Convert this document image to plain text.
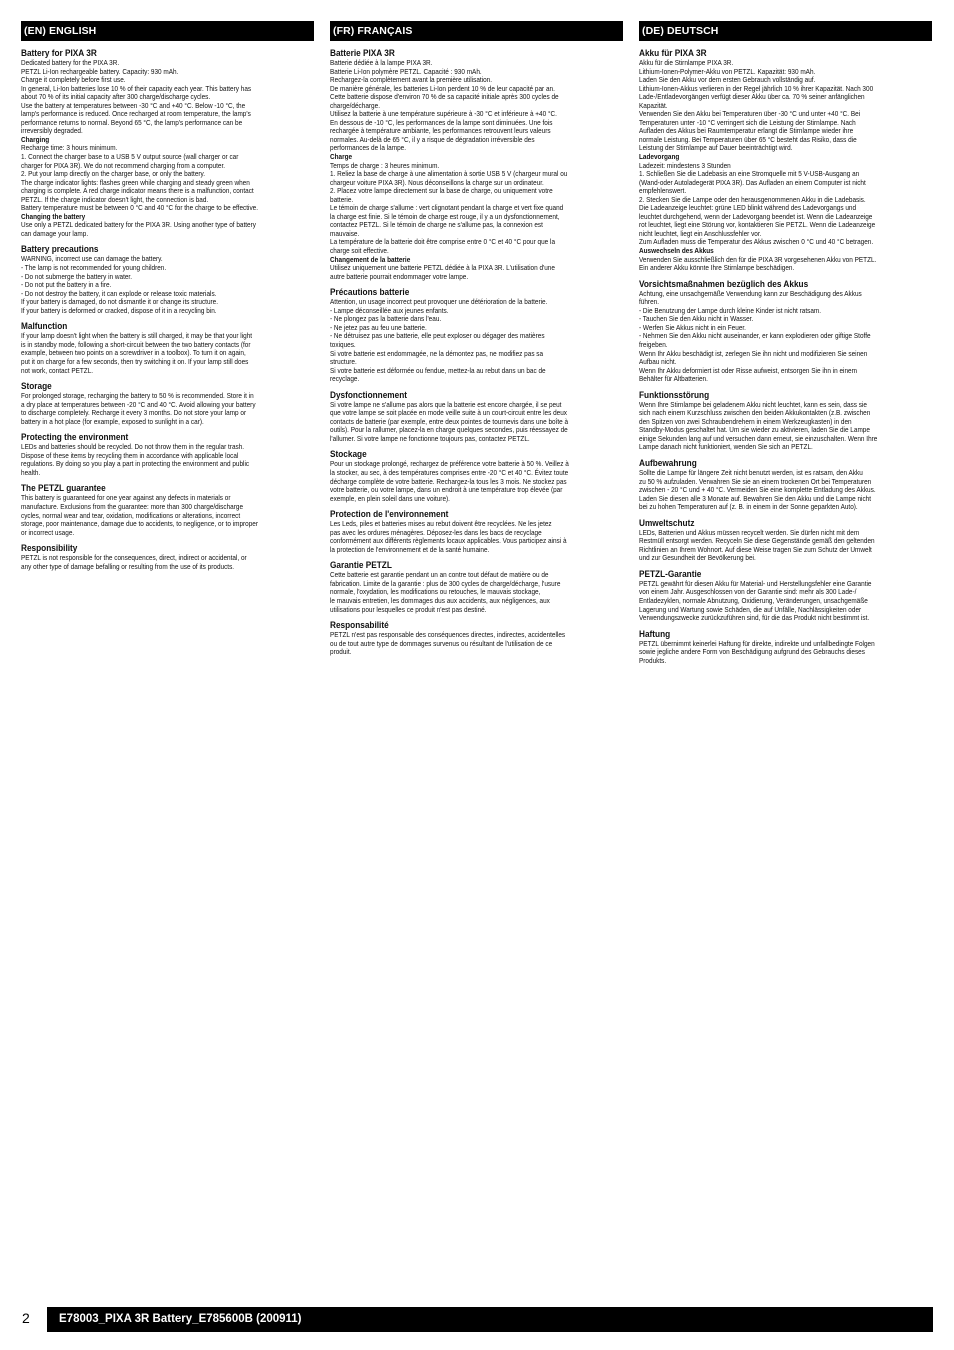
(EN) ENGLISH
Battery for PIXA 3R

Dedicated battery for the PIXA 3R.

PETZL Li-Ion rechargeable battery. Capacity: 930 mAh.

Charge it completely before first use.

In general, Li-Ion batteries lose 10 % of their capacity each year. This battery has

about 70 % of its initial capacity after 300 charge/discharge cycles.

Use the battery at temperatures between -30 °C and +40 °C. Below -10 °C, the

lamp's performance is reduced. Once recharged at room temperature, the lamp's

performance returns to normal. Beyond 65 °C, the lamp's performance can be

irreversibly degraded.

Charging

Recharge time: 3 hours minimum.

1. Connect the charger base to a USB 5 V output source (wall charger or car

charger for PIXA 3R). We do not recommend charging from a computer.

2. Put your lamp directly on the charger base, or only the battery.

The charge indicator lights: flashes green while charging and steady green when

charging is complete. A red charge indicator means there is a malfunction, contact

PETZL. If the charge indicator doesn't light, the connection is bad.

Battery temperature must be between 0 °C and 40 °C for the charge to be effective.

Changing the battery

Use only a PETZL dedicated battery for the PIXA 3R. Using another type of battery

can damage your lamp.

Battery precautions

WARNING, incorrect use can damage the battery.

- The lamp is not recommended for young children.

- Do not submerge the battery in water.

- Do not put the battery in a fire.

- Do not destroy the battery, it can explode or release toxic materials.

If your battery is damaged, do not dismantle it or change its structure.

If your battery is deformed or cracked, dispose of it in a recycling bin.

Malfunction

If your lamp doesn't light when the battery is still charged, it may be that your light

is in standby mode, following a short-circuit between the two battery contacts (for

example, between two points on a screwdriver in a toolbox). To turn it on again,

put it on charge for a few seconds, then try switching it on. If your lamp still does

not work, contact PETZL.

Storage

For prolonged storage, recharging the battery to 50 % is recommended. Store it in

a dry place at temperatures between -20 °C and 40 °C. Avoid allowing your battery

to discharge completely. Recharge it every 3 months. Do not store your lamp or

battery in a hot place (for example, exposed to sunlight in a car).

Protecting the environment

LEDs and batteries should be recycled. Do not throw them in the regular trash.

Dispose of these items by recycling them in accordance with applicable local

regulations. By doing so you play a part in protecting the environment and public

health.

The PETZL guarantee

This battery is guaranteed for one year against any defects in materials or

manufacture. Exclusions from the guarantee: more than 300 charge/discharge

cycles, normal wear and tear, oxidation, modifications or alterations, incorrect

storage, poor maintenance, damage due to accidents, to negligence, or to improper

or incorrect usage.

Responsibility

PETZL is not responsible for the consequences, direct, indirect or accidental, or

any other type of damage befalling or resulting from the use of its products.

(FR) FRANÇAIS
Batterie PIXA 3R

Batterie dédiée à la lampe PIXA 3R.

Batterie Li-Ion polymère PETZL. Capacité : 930 mAh.

Rechargez-la complètement avant la première utilisation.

De manière générale, les batteries Li-Ion perdent 10 % de leur capacité par an.

Cette batterie dispose d'environ 70 % de sa capacité initiale après 300 cycles de

charge/décharge.

Utilisez la batterie à une température supérieure à -30 °C et inférieure à +40 °C.

En dessous de -10 °C, les performances de la lampe sont diminuées. Une fois

rechargée à température ambiante, les performances retrouvent leurs valeurs

normales. Au-delà de 65 °C, il y a risque de dégradation irréversible des

performances de la lampe.

Charge

Temps de charge : 3 heures minimum.

1. Reliez la base de charge à une alimentation à sortie USB 5 V (chargeur mural ou

chargeur voiture PIXA 3R). Nous déconseillons la charge sur un ordinateur.

2. Placez votre lampe directement sur la base de charge, ou uniquement votre

batterie.

Le témoin de charge s'allume : vert clignotant pendant la charge et vert fixe quand

la charge est finie. Si le témoin de charge est rouge, il y a un dysfonctionnement,

contactez PETZL. Si le témoin de charge ne s'allume pas, la connexion est

mauvaise.

La température de la batterie doit être comprise entre 0 °C et 40 °C pour que la

charge soit effective.

Changement de la batterie

Utilisez uniquement une batterie PETZL dédiée à la PIXA 3R. L'utilisation d'une

autre batterie pourrait endommager votre lampe.

Précautions batterie

Attention, un usage incorrect peut provoquer une détérioration de la batterie.

- Lampe déconseillée aux jeunes enfants.

- Ne plongez pas la batterie dans l'eau.

- Ne jetez pas au feu une batterie.

- Ne détruisez pas une batterie, elle peut exploser ou dégager des matières

toxiques.

Si votre batterie est endommagée, ne la démontez pas, ne modifiez pas sa

structure.

Si votre batterie est déformée ou fendue, mettez-la au rebut dans un bac de

recyclage.

Dysfonctionnement

Si votre lampe ne s'allume pas alors que la batterie est encore chargée, il se peut

que votre lampe se soit placée en mode veille suite à un court-circuit entre les deux

contacts de batterie (par exemple, entre deux pointes de tournevis dans une boîte à

outils). Pour la rallumer, placez-la en charge quelques secondes, puis réessayez de

l'allumer. Si votre lampe ne fonctionne toujours pas, contactez PETZL.

Stockage

Pour un stockage prolongé, rechargez de préférence votre batterie à 50 %. Veillez à

la stocker, au sec, à des températures comprises entre -20 °C et 40 °C. Évitez toute

décharge complète de votre batterie. Rechargez-la tous les 3 mois. Ne stockez pas

votre batterie, ou votre lampe, dans un endroit à une température trop élevée (par

exemple, en plein soleil dans une voiture).

Protection de l'environnement

Les Leds, piles et batteries mises au rebut doivent être recyclées. Ne les jetez

pas avec les ordures ménagères. Déposez-les dans les bacs de recyclage

conformément aux différents règlements locaux applicables. Vous participez ainsi à

la protection de l'environnement et de la santé humaine.

Garantie PETZL

Cette batterie est garantie pendant un an contre tout défaut de matière ou de

fabrication. Limite de la garantie : plus de 300 cycles de charge/décharge, l'usure

normale, l'oxydation, les modifications ou retouches, le mauvais stockage,

le mauvais entretien, les dommages dus aux accidents, aux négligences, aux

utilisations pour lesquelles ce produit n'est pas destiné.

Responsabilité

PETZL n'est pas responsable des conséquences directes, indirectes, accidentelles

ou de tout autre type de dommages survenus ou résultant de l'utilisation de ce

produit.

(DE) DEUTSCH
Akku für PIXA 3R

Akku für die Stirnlampe PIXA 3R.

Lithium-Ionen-Polymer-Akku von PETZL. Kapazität: 930 mAh.

Laden Sie den Akku vor dem ersten Gebrauch vollständig auf.

Lithium-Ionen-Akkus verlieren in der Regel jährlich 10 % ihrer Kapazität. Nach 300

Lade-/Entladevorgängen verfügt dieser Akku über ca. 70 % seiner anfänglichen

Kapazität.

Verwenden Sie den Akku bei Temperaturen über -30 °C und unter +40 °C. Bei

Temperaturen unter -10 °C verringert sich die Leistung der Stirnlampe. Nach

Aufladen des Akkus bei Raumtemperatur erlangt die Stirnlampe wieder ihre

normale Leistung. Bei Temperaturen über 65 °C besteht das Risiko, dass die

Leistung der Stirnlampe auf Dauer beeinträchtigt wird.

Ladevorgang

Ladezeit: mindestens 3 Stunden

1. Schließen Sie die Ladebasis an eine Stromquelle mit 5 V-USB-Ausgang an

(Wand-oder Autoladegerät PIXA 3R). Das Aufladen an einem Computer ist nicht

empfehlenswert.

2. Stecken Sie die Lampe oder den herausgenommenen Akku in die Ladebasis.

Die Ladeanzeige leuchtet: grüne LED blinkt während des Ladevorgangs und

leuchtet durchgehend, wenn der Ladevorgang beendet ist. Wenn die Ladeanzeige

rot leuchtet, liegt eine Störung vor, kontaktieren Sie PETZL. Wenn die Ladeanzeige

nicht leuchtet, liegt ein Anschlussfehler vor.

Zum Aufladen muss die Temperatur des Akkus zwischen 0 °C und 40 °C betragen.

Auswechseln des Akkus

Verwenden Sie ausschließlich den für die PIXA 3R vorgesehenen Akku von PETZL.

Ein anderer Akku könnte Ihre Stirnlampe beschädigen.

Vorsichtsmaßnahmen bezüglich des Akkus

Achtung, eine unsachgemäße Verwendung kann zur Beschädigung des Akkus

führen.

- Die Benutzung der Lampe durch kleine Kinder ist nicht ratsam.

- Tauchen Sie den Akku nicht in Wasser.

- Werfen Sie Akkus nicht in ein Feuer.

- Nehmen Sie den Akku nicht auseinander, er kann explodieren oder giftige Stoffe

freigeben.

Wenn Ihr Akku beschädigt ist, zerlegen Sie ihn nicht und modifizieren Sie seinen

Aufbau nicht.

Wenn Ihr Akku deformiert ist oder Risse aufweist, entsorgen Sie ihn in einem

Behälter für Altbatterien.

Funktionsstörung

Wenn Ihre Stirnlampe bei geladenem Akku nicht leuchtet, kann es sein, dass sie

sich nach einem Kurzschluss zwischen den beiden Akkukontakten (z.B. zwischen

den Spitzen von zwei Schraubendrehern in einem Werkzeugkasten) in den

Standby-Modus geschaltet hat. Um sie wieder zu aktivieren, laden Sie die Lampe

einige Sekunden lang auf und versuchen dann erneut, sie einzuschalten. Wenn Ihre

Lampe danach nicht funktioniert, wenden Sie sich an PETZL.

Aufbewahrung

Sollte die Lampe für längere Zeit nicht benutzt werden, ist es ratsam, den Akku

zu 50 % aufzuladen. Verwahren Sie sie an einem trockenen Ort bei Temperaturen

zwischen - 20 °C und + 40 °C. Vermeiden Sie eine komplette Entladung des Akkus.

Laden Sie diesen alle 3 Monate auf. Bewahren Sie den Akku und die Lampe nicht

bei zu hohen Temperaturen auf (z. B. in einem in der Sonne geparkten Auto).

Umweltschutz

LEDs, Batterien und Akkus müssen recycelt werden. Sie dürfen nicht mit dem

Restmüll entsorgt werden. Recyceln Sie diese Gegenstände gemäß den geltenden

Richtlinien an Ihrem Wohnort. Auf diese Weise tragen Sie zum Schutz der Umwelt

und zur Gesundheit der Bevölkerung bei.

PETZL-Garantie

PETZL gewährt für diesen Akku für Material- und Herstellungsfehler eine Garantie

von einem Jahr. Ausgeschlossen von der Garantie sind: mehr als 300 Lade-/

Entladezyklen, normale Abnutzung, Oxidierung, Veränderungen, unsachgemäße

Lagerung und Wartung sowie Schäden, die auf Unfälle, Nachlässigkeiten oder

Verwendungszwecke zurückzuführen sind, für die das Produkt nicht bestimmt ist.

Haftung

PETZL übernimmt keinerlei Haftung für direkte, indirekte und unfallbedingte Folgen

sowie jegliche andere Form von Beschädigung aufgrund des Gebrauchs dieses

Produkts.

2	E78003_PIXA 3R Battery_E785600B (200911)
